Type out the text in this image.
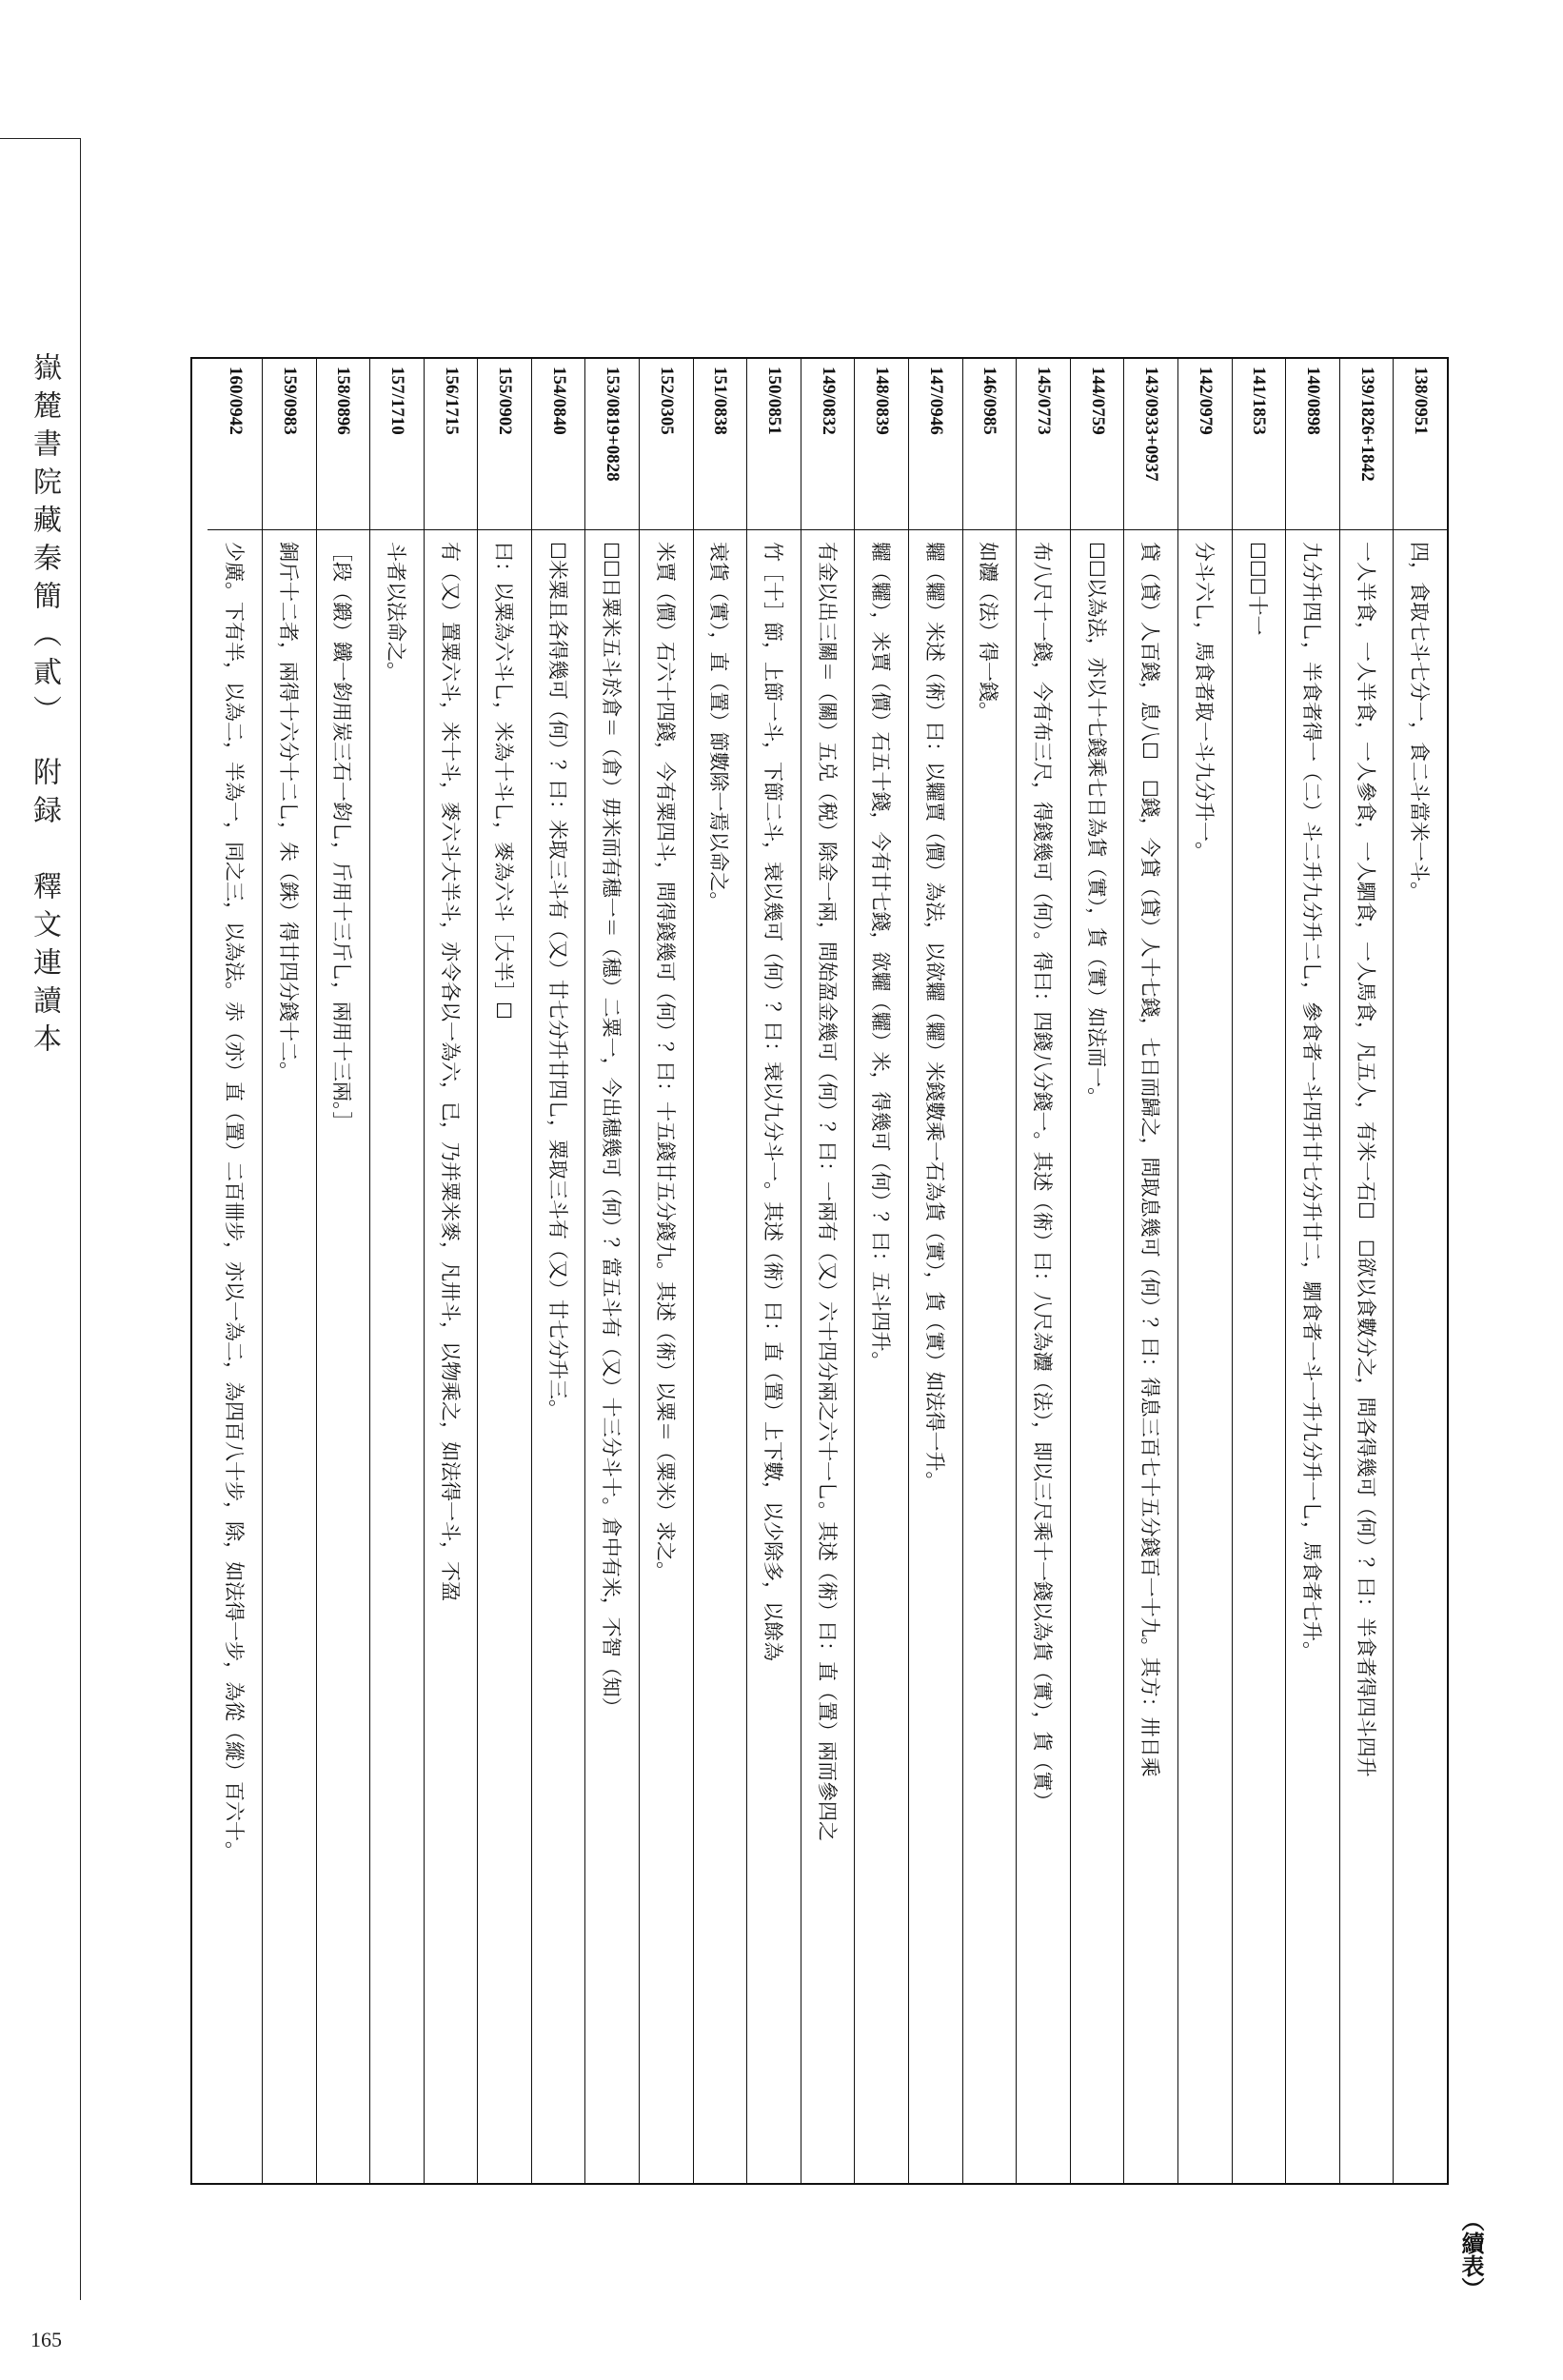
嶽麓書院藏秦簡（貳）　附録　釋文連讀本
165
（續表）
138/0951
四，食取七斗七分一，食二斗當米一斗。
139/1826+1842
一人半食，一人半食，一人參食，一人駟食，一人馬食，凡五人，有米一石☐　☐欲以食數分之，問各得幾可（何）？曰：半食者得四斗四升
140/0898
九分升四乚，半食者得一（二）斗二升九分升二乚，參食者一斗四升廿七分升廿二，駟食者一斗一升九分升一乚，馬食者七升。
141/1853
☐☐☐十一
142/0979
分斗六乚，馬食者取一斗九分升一。
143/0933+0937
貸（貸）人百錢，息八☐　☐錢，今貸（貸）人十七錢，七日而歸之，問取息幾可（何）？曰：得息三百七十五分錢百一十九。其方：卅日乘
144/0759
☐☐以為法，亦以十七錢乘七日為貨（實），貨（實）如法而一。
145/0773
布八尺十一錢，今有布三尺，得錢幾可（何）。得曰：四錢八分錢一。其述（術）曰：八尺為灋（法），即以三尺乘十一錢以為貨（實），貨（實）
146/0985
如灋（法）得一錢。
147/0946
糶（糶）米述（術）曰：以糶賈（價）為法，以欲糶（糶）米錢數乘一石為貨（實），貨（實）如法得一升。
148/0839
糶（糶），米賈（價）石五十錢，今有廿七錢，欲糶（糶）米，得幾可（何）？曰：五斗四升。
149/0832
有金以出三關＝（關）五兑（税）除金一兩，問始盈金幾可（何）？曰：一兩有（又）六十四分兩之六十一乚。其述（術）曰：直（置）兩而參四之
150/0851
竹［十］節，上節一斗，下節二斗，衰以幾可（何）？曰：衰以九分斗一。其述（術）曰：直（置）上下數，以少除多，以餘為
151/0838
衰貨（實），直（置）節數除一焉以命之。
152/0305
米賈（價）石六十四錢，今有粟四斗，問得錢幾可（何）？曰：十五錢廿五分錢九。其述（術）以粟＝（粟米）求之。
153/0819+0828
☐☐日粟米五斗於倉＝（倉）毋米而有穗一＝（穗）二粟一，今出穗幾可（何）？當五斗有（又）十三分斗十。倉中有米，不智（知）
154/0840
☐米粟且各得幾可（何）？曰：米取三斗有（又）廿七分升廿四乚，粟取三斗有（又）廿七分升三。
155/0902
曰：以粟為六斗乚，米為十斗乚，麥為六斗［大半］☐
156/1715
有（又）置粟六斗，米十斗，麥六斗大半斗，亦令各以一為六，已，乃并粟米麥，凡卅斗，以物乘之，如法得一斗，不盈
157/1710
斗者以法命之。
158/0896
［段（鍛）鐵一鈞用炭三石一鈞乚，斤用十三斤乚，兩用十三兩。］
159/0983
銅斤十二者，兩得十六分十二乚，朱（銖）得廿四分錢十二。
160/0942
少廣。下有半，以為二，半為一，同之三，以為法。赤（亦）直（置）二百卌步，亦以一為二，為四百八十步，除，如法得一步，為從（縱）百六十。
